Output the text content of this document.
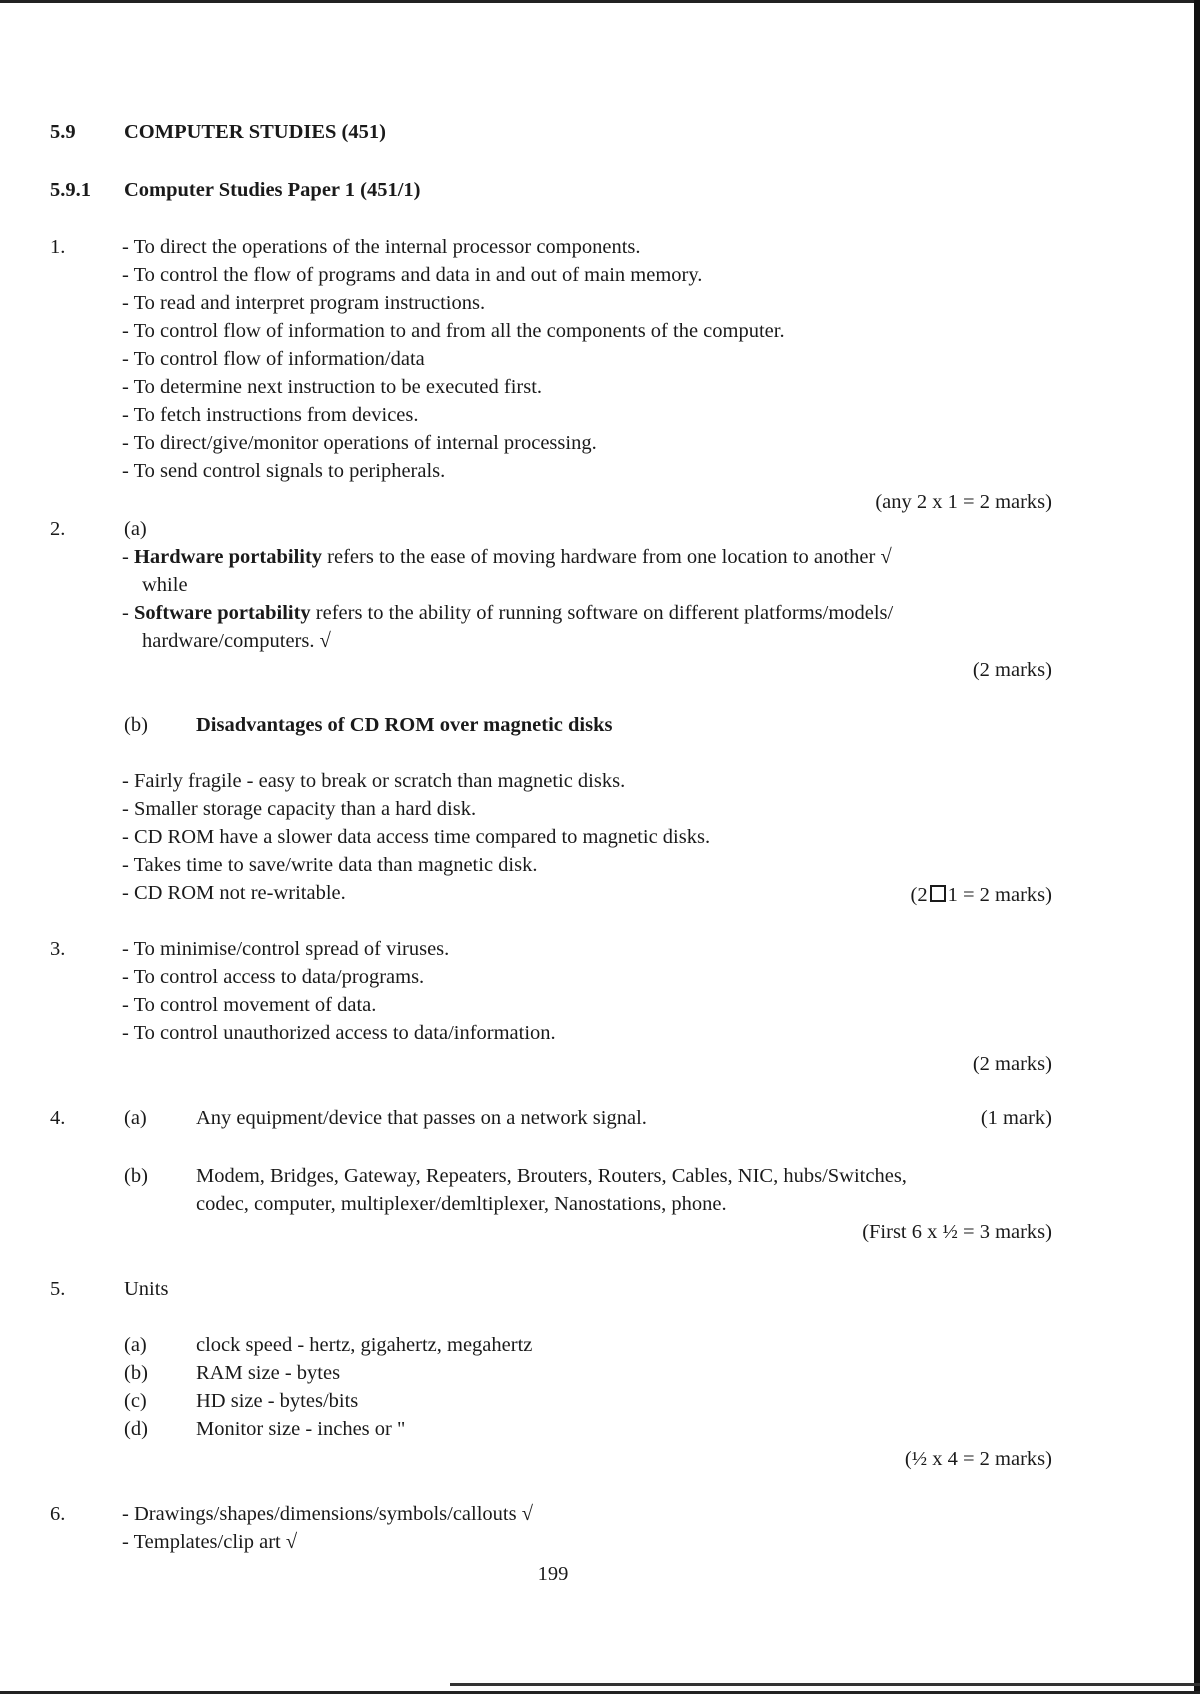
5.9 COMPUTER STUDIES (451)
5.9.1 Computer Studies Paper 1 (451/1)
1.	- To direct the operations of the internal processor components.
- To control the flow of programs and data in and out of main memory.
- To read and interpret program instructions.
- To control flow of information to and from all the components of the computer.
- To control flow of information/data
- To determine next instruction to be executed first.
- To fetch instructions from devices.
- To direct/give/monitor operations of internal processing.
- To send control signals to peripherals.
(any 2 x 1 = 2 marks)
2.	(a)
- Hardware portability refers to the ease of moving hardware from one location to another √
while
- Software portability refers to the ability of running software on different platforms/models/
hardware/computers. √
(2 marks)
(b) Disadvantages of CD ROM over magnetic disks
- Fairly fragile - easy to break or scratch than magnetic disks.
- Smaller storage capacity than a hard disk.
- CD ROM have a slower data access time compared to magnetic disks.
- Takes time to save/write data than magnetic disk.
- CD ROM not re-writable.	(2 1 = 2 marks)
3.	- To minimise/control spread of viruses.
- To control access to data/programs.
- To control movement of data.
- To control unauthorized access to data/information.
(2 marks)
4.	(a) Any equipment/device that passes on a network signal.	(1 mark)
(b) Modem, Bridges, Gateway, Repeaters, Brouters, Routers, Cables, NIC, hubs/Switches,
codec, computer, multiplexer/demltiplexer, Nanostations, phone.
(First 6 x ½ = 3 marks)
5.	Units
(a) clock speed - hertz, gigahertz, megahertz
(b) RAM size - bytes
(c) HD size - bytes/bits
(d) Monitor size - inches or "
(½ x 4 = 2 marks)
6.	- Drawings/shapes/dimensions/symbols/callouts √
- Templates/clip art √
199
